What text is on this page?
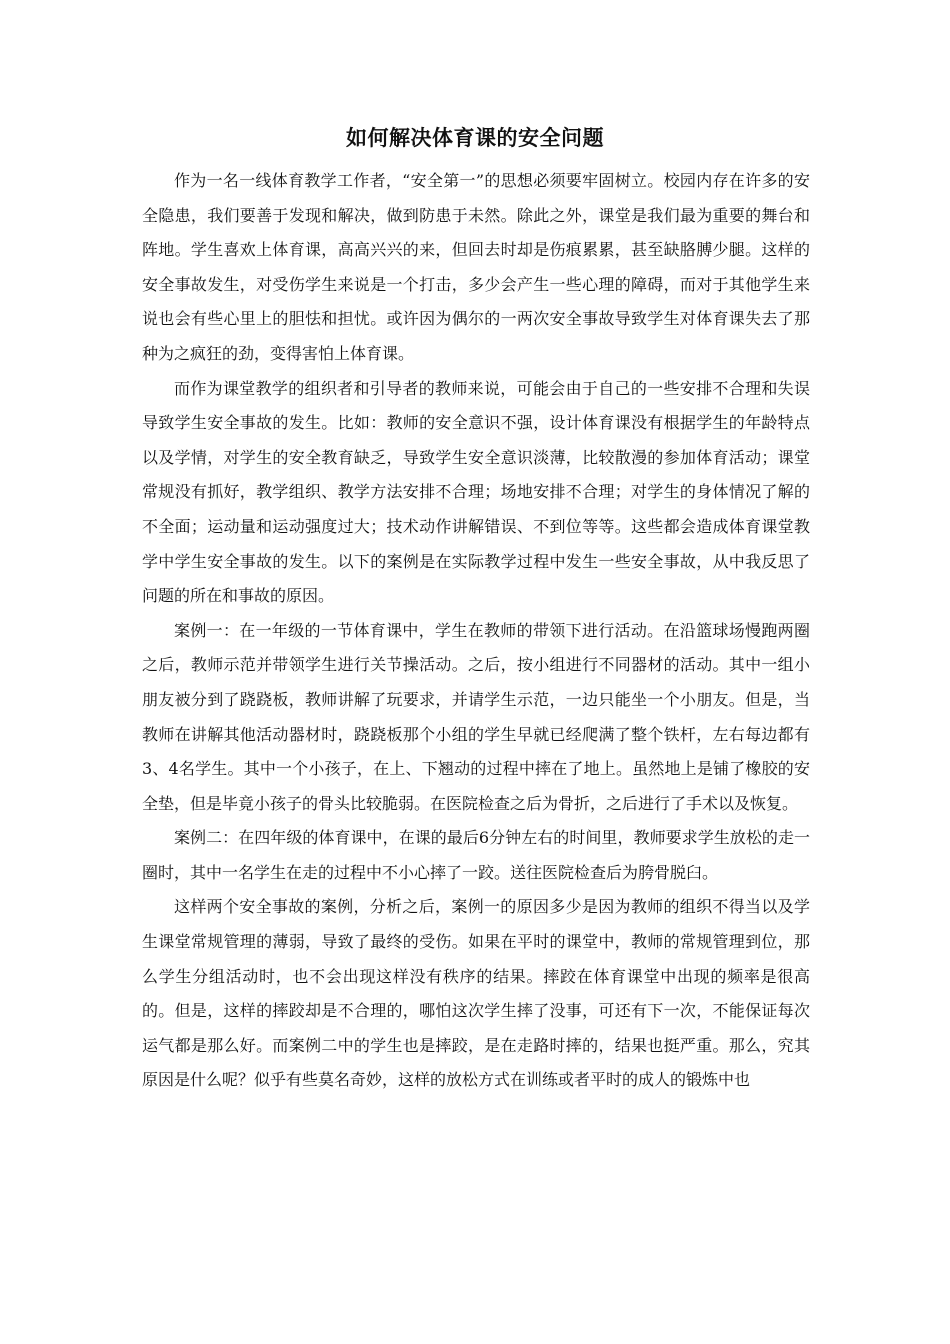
如何解决体育课的安全问题

作为一名一线体育教学工作者，“安全第一”的思想必须要牢固树立。校园内存在许多的安全隐患，我们要善于发现和解决，做到防患于未然。除此之外，课堂是我们最为重要的舞台和阵地。学生喜欢上体育课，高高兴兴的来，但回去时却是伤痕累累，甚至缺胳膊少腿。这样的安全事故发生，对受伤学生来说是一个打击，多少会产生一些心理的障碍，而对于其他学生来说也会有些心里上的胆怯和担忧。或许因为偶尔的一两次安全事故导致学生对体育课失去了那种为之疯狂的劲，变得害怕上体育课。

而作为课堂教学的组织者和引导者的教师来说，可能会由于自己的一些安排不合理和失误导致学生安全事故的发生。比如：教师的安全意识不强，设计体育课没有根据学生的年龄特点以及学情，对学生的安全教育缺乏，导致学生安全意识淡薄，比较散漫的参加体育活动；课堂常规没有抓好，教学组织、教学方法安排不合理；场地安排不合理；对学生的身体情况了解的不全面；运动量和运动强度过大；技术动作讲解错误、不到位等等。这些都会造成体育课堂教学中学生安全事故的发生。以下的案例是在实际教学过程中发生一些安全事故，从中我反思了问题的所在和事故的原因。

案例一：在一年级的一节体育课中，学生在教师的带领下进行活动。在沿篮球场慢跑两圈之后，教师示范并带领学生进行关节操活动。之后，按小组进行不同器材的活动。其中一组小朋友被分到了跷跷板，教师讲解了玩要求，并请学生示范，一边只能坐一个小朋友。但是，当教师在讲解其他活动器材时，跷跷板那个小组的学生早就已经爬满了整个铁杆，左右每边都有3、4名学生。其中一个小孩子，在上、下翘动的过程中摔在了地上。虽然地上是铺了橡胶的安全垫，但是毕竟小孩子的骨头比较脆弱。在医院检查之后为骨折，之后进行了手术以及恢复。

案例二：在四年级的体育课中，在课的最后6分钟左右的时间里，教师要求学生放松的走一圈时，其中一名学生在走的过程中不小心摔了一跤。送往医院检查后为胯骨脱臼。

这样两个安全事故的案例，分析之后，案例一的原因多少是因为教师的组织不得当以及学生课堂常规管理的薄弱，导致了最终的受伤。如果在平时的课堂中，教师的常规管理到位，那么学生分组活动时，也不会出现这样没有秩序的结果。摔跤在体育课堂中出现的频率是很高的。但是，这样的摔跤却是不合理的，哪怕这次学生摔了没事，可还有下一次，不能保证每次运气都是那么好。而案例二中的学生也是摔跤，是在走路时摔的，结果也挺严重。那么，究其原因是什么呢？似乎有些莫名奇妙，这样的放松方式在训练或者平时的成人的锻炼中也
